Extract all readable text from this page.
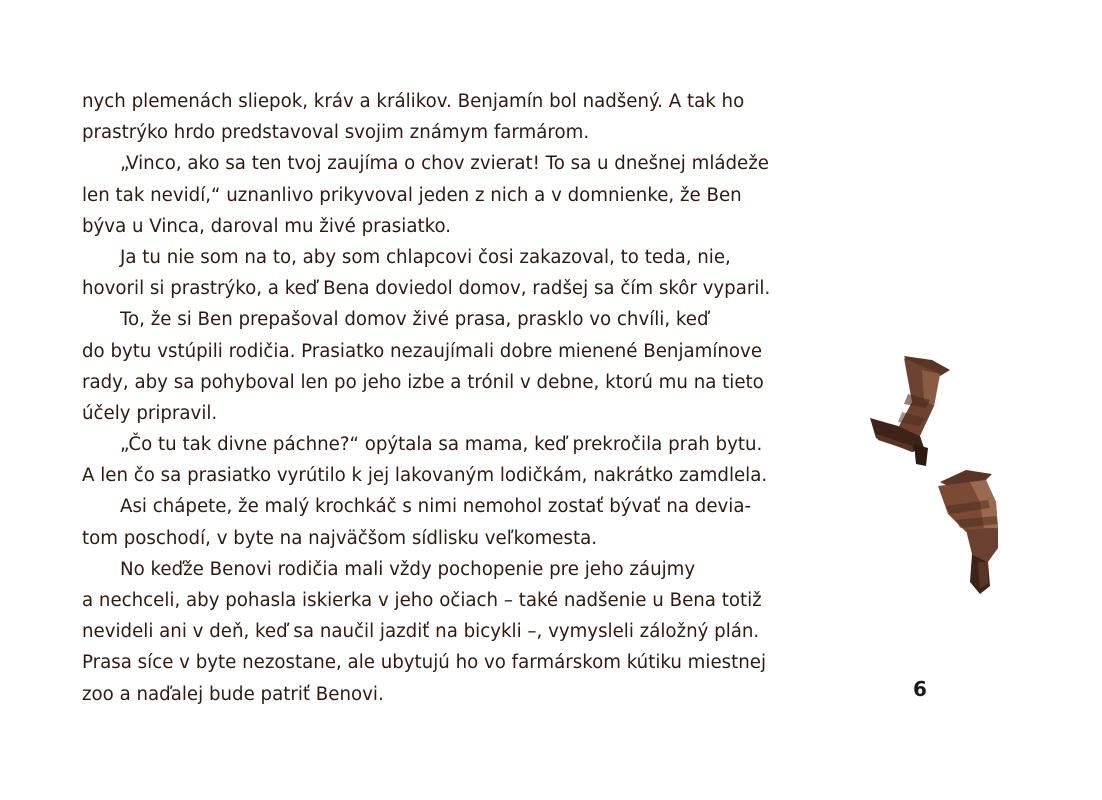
nych plemenách sliepok, kráv a králikov. Benjamín bol nadšený. A tak ho
prastrýko hrdo predstavoval svojim známym farmárom.
„Vinco, ako sa ten tvoj zaujíma o chov zvierat! To sa u dnešnej mládeže
len tak nevidí,“ uznanlivo prikyvoval jeden z nich a v domnienke, že Ben
býva u Vinca, daroval mu živé prasiatko.
Ja tu nie som na to, aby som chlapcovi čosi zakazoval, to teda, nie,
hovoril si prastrýko, a keď Bena doviedol domov, radšej sa čím skôr vyparil.
To, že si Ben prepašoval domov živé prasa, prasklo vo chvíli, keď
do bytu vstúpili rodičia. Prasiatko nezaujímali dobre mienené Benjamínove
rady, aby sa pohyboval len po jeho izbe a trónil v debne, ktorú mu na tieto
účely pripravil.
„Čo tu tak divne páchne?“ opýtala sa mama, keď prekročila prah bytu.
A len čo sa prasiatko vyrútilo k jej lakovaným lodičkám, nakrátko zamdlela.
Asi chápete, že malý krochkáč s nimi nemohol zostať bývať na devia-
tom poschodí, v byte na najväčšom sídlisku veľkomesta.
No keďže Benovi rodičia mali vždy pochopenie pre jeho záujmy
a nechceli, aby pohasla iskierka v jeho očiach – také nadšenie u Bena totiž
nevideli ani v deň, keď sa naučil jazdiť na bicykli –, vymysleli záložný plán.
Prasa síce v byte nezostane, ale ubytujú ho vo farmárskom kútiku miestnej
zoo a naďalej bude patriť Benovi.	6
